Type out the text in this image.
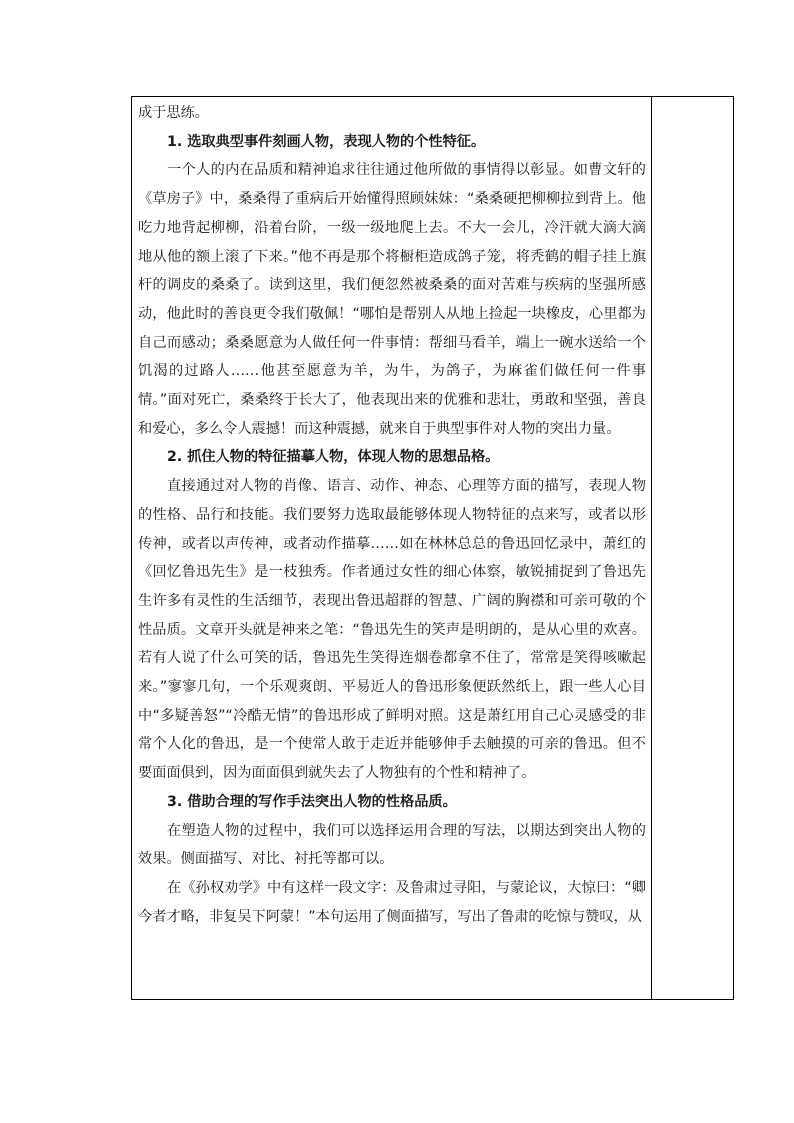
成于思练。

1. 选取典型事件刻画人物，表现人物的个性特征。

一个人的内在品质和精神追求往往通过他所做的事情得以彰显。如曹文轩的《草房子》中，桑桑得了重病后开始懂得照顾妹妹：“桑桑硬把柳柳拉到背上。他吃力地背起柳柳，沿着台阶，一级一级地爬上去。不大一会儿，冷汗就大滴大滴地从他的额上滚了下来。”他不再是那个将橱柜造成鸽子笼，将秃鹤的帽子挂上旗杆的调皮的桑桑了。读到这里，我们便忽然被桑桑的面对苦难与疾病的坚强所感动，他此时的善良更令我们敬佩！“哪怕是帮别人从地上捡起一块橡皮，心里都为自己而感动；桑桑愿意为人做任何一件事情：帮细马看羊，端上一碗水送给一个饥渴的过路人……他甚至愿意为羊，为牛，为鸽子，为麻雀们做任何一件事情。”面对死亡，桑桑终于长大了，他表现出来的优雅和悲壮，勇敢和坚强，善良和爱心，多么令人震撼！而这种震撼，就来自于典型事件对人物的突出力量。

2. 抓住人物的特征描摹人物，体现人物的思想品格。

直接通过对人物的肖像、语言、动作、神态、心理等方面的描写，表现人物的性格、品行和技能。我们要努力选取最能够体现人物特征的点来写，或者以形传神，或者以声传神，或者动作描摹……如在林林总总的鲁迅回忆录中，萧红的《回忆鲁迅先生》是一枝独秀。作者通过女性的细心体察，敏锐捕捉到了鲁迅先生许多有灵性的生活细节，表现出鲁迅超群的智慧、广阔的胸襟和可亲可敬的个性品质。文章开头就是神来之笔：“鲁迅先生的笑声是明朗的，是从心里的欢喜。若有人说了什么可笑的话，鲁迅先生笑得连烟卷都拿不住了，常常是笑得咳嗽起来。”寥寥几句，一个乐观爽朗、平易近人的鲁迅形象便跃然纸上，跟一些人心目中“多疑善怒”“冷酷无情”的鲁迅形成了鲜明对照。这是萧红用自己心灵感受的非常个人化的鲁迅，是一个使常人敢于走近并能够伸手去触摸的可亲的鲁迅。但不要面面俱到，因为面面俱到就失去了人物独有的个性和精神了。

3. 借助合理的写作手法突出人物的性格品质。

在塑造人物的过程中，我们可以选择运用合理的写法，以期达到突出人物的效果。侧面描写、对比、衬托等都可以。

在《孙权劝学》中有这样一段文字：及鲁肃过寻阳，与蒙论议，大惊曰：“卿今者才略，非复吴下阿蒙！”本句运用了侧面描写，写出了鲁肃的吃惊与赞叹，从
